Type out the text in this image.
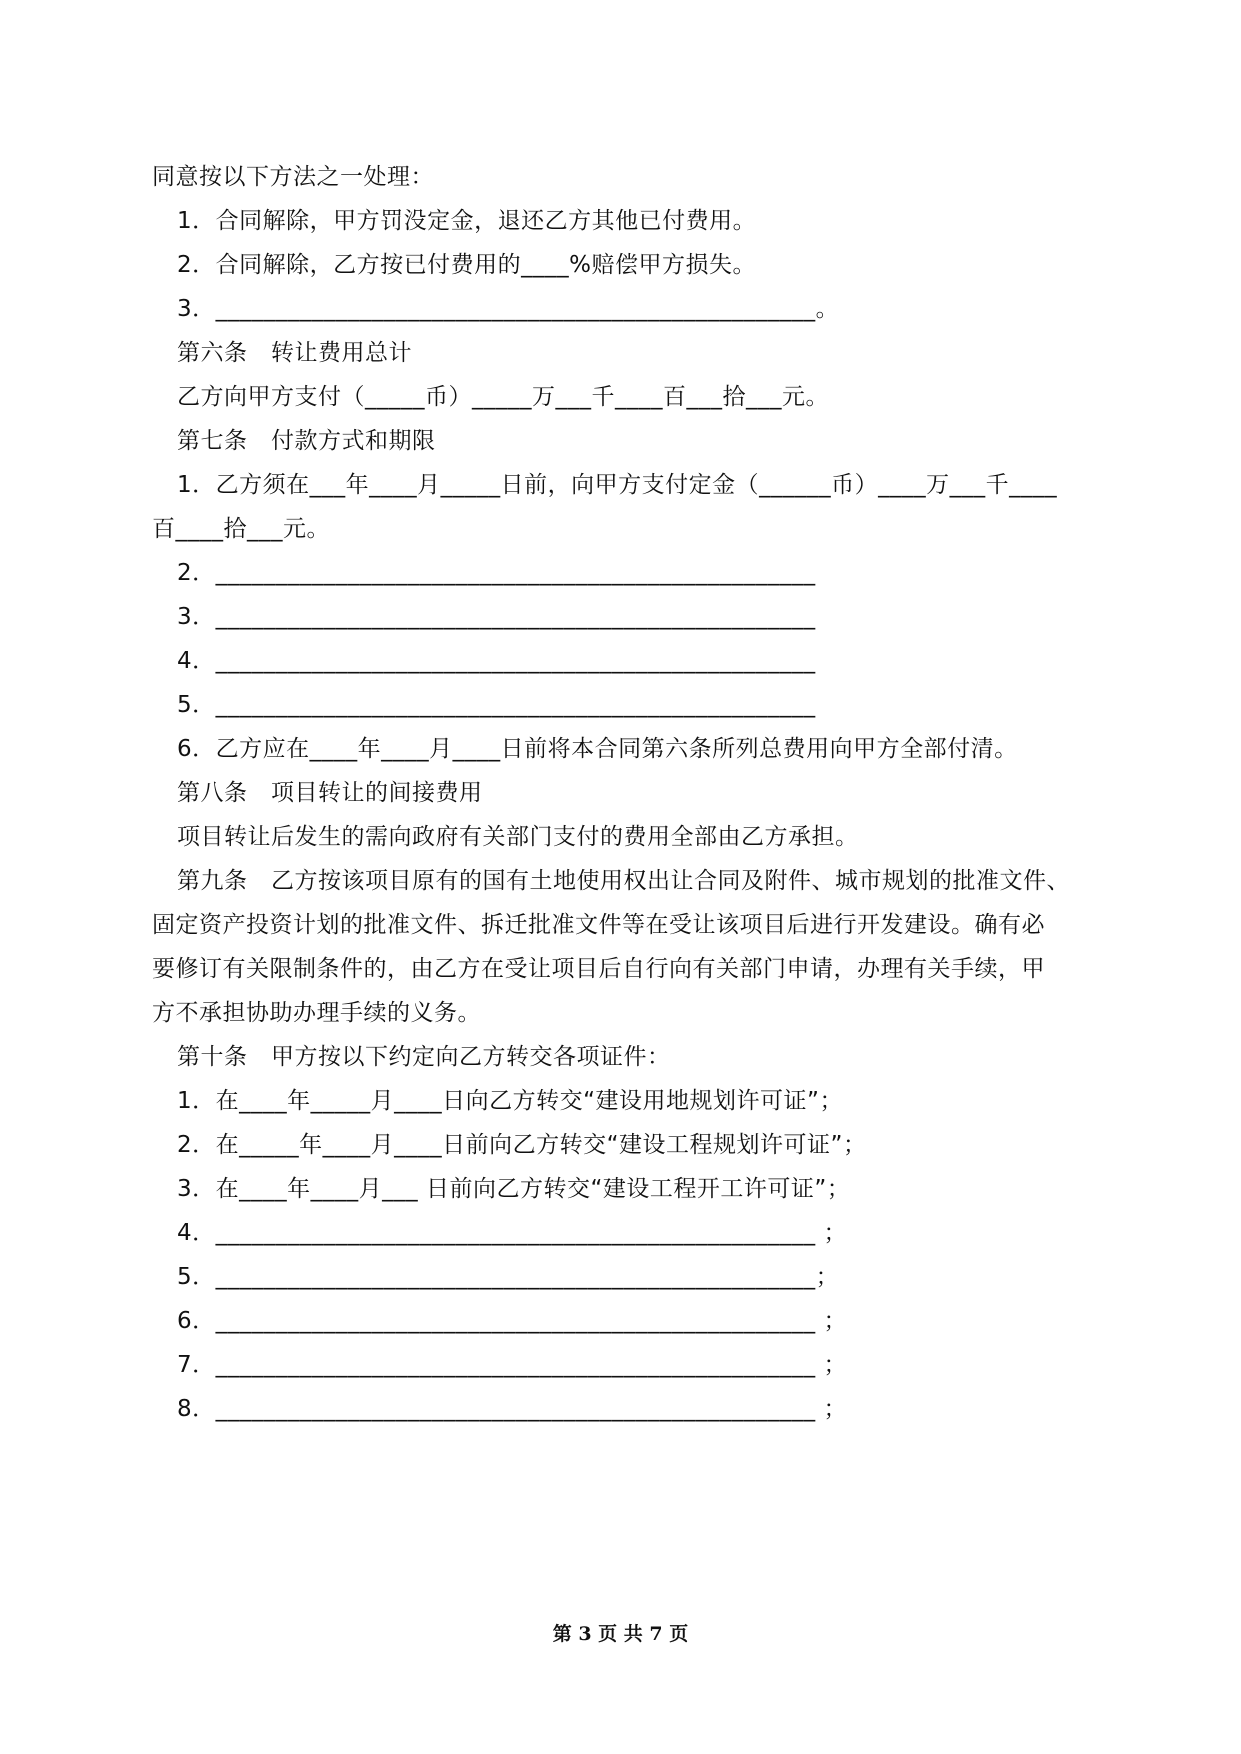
同意按以下方法之一处理：
1．合同解除，甲方罚没定金，退还乙方其他已付费用。
2．合同解除，乙方按已付费用的____%赔偿甲方损失。
3．__________________________________________________。
第六条　转让费用总计
乙方向甲方支付（_____币）_____万___千____百___拾___元。
第七条　付款方式和期限
1．乙方须在___年____月_____日前，向甲方支付定金（______币）____万___千____
百____拾___元。
2．__________________________________________________
3．__________________________________________________
4．__________________________________________________
5．__________________________________________________
6．乙方应在____年____月____日前将本合同第六条所列总费用向甲方全部付清。
第八条　项目转让的间接费用
项目转让后发生的需向政府有关部门支付的费用全部由乙方承担。
第九条　乙方按该项目原有的国有土地使用权出让合同及附件、城市规划的批准文件、
固定资产投资计划的批准文件、拆迁批准文件等在受让该项目后进行开发建设。确有必
要修订有关限制条件的，由乙方在受让项目后自行向有关部门申请，办理有关手续，甲
方不承担协助办理手续的义务。
第十条　甲方按以下约定向乙方转交各项证件：
1．在____年_____月____日向乙方转交“建设用地规划许可证”；
2．在_____年____月____日前向乙方转交“建设工程规划许可证”；
3．在____年____月___ 日前向乙方转交“建设工程开工许可证”；
4．__________________________________________________ ；
5．__________________________________________________；
6．__________________________________________________ ；
7．__________________________________________________ ；
8．__________________________________________________ ；
第 3 页 共 7 页
